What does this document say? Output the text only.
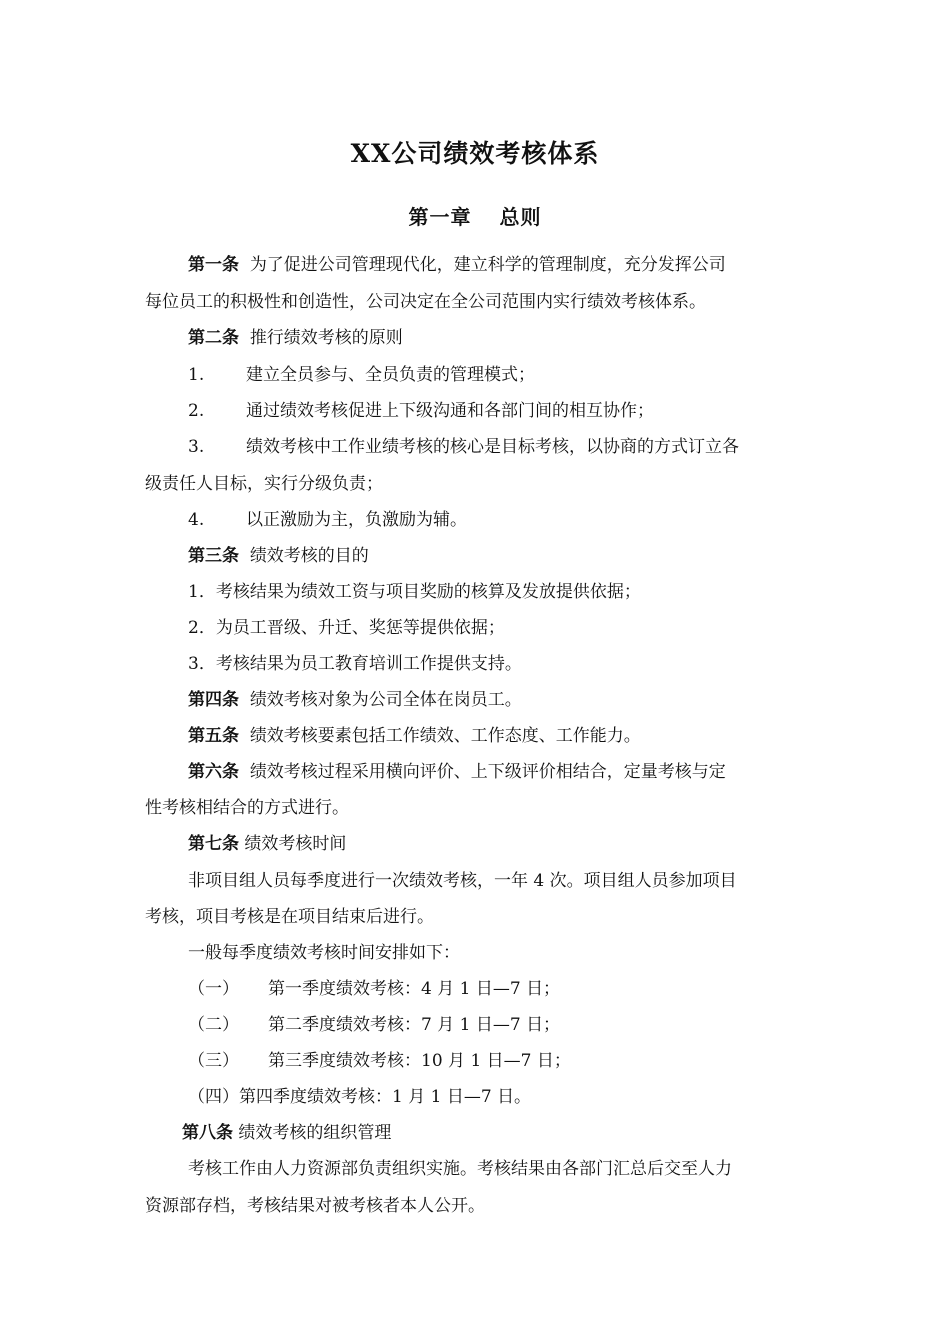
XX公司绩效考核体系
第一章 总则
第一条 为了促进公司管理现代化，建立科学的管理制度，充分发挥公司
每位员工的积极性和创造性，公司决定在全公司范围内实行绩效考核体系。
第二条 推行绩效考核的原则
1. 建立全员参与、全员负责的管理模式；
2. 通过绩效考核促进上下级沟通和各部门间的相互协作；
3. 绩效考核中工作业绩考核的核心是目标考核，以协商的方式订立各
级责任人目标，实行分级负责；
4. 以正激励为主，负激励为辅。
第三条 绩效考核的目的
1．考核结果为绩效工资与项目奖励的核算及发放提供依据；
2．为员工晋级、升迁、奖惩等提供依据；
3．考核结果为员工教育培训工作提供支持。
第四条 绩效考核对象为公司全体在岗员工。
第五条 绩效考核要素包括工作绩效、工作态度、工作能力。
第六条 绩效考核过程采用横向评价、上下级评价相结合，定量考核与定
性考核相结合的方式进行。
第七条 绩效考核时间
非项目组人员每季度进行一次绩效考核，一年 4 次。项目组人员参加项目
考核，项目考核是在项目结束后进行。
一般每季度绩效考核时间安排如下：
（一） 第一季度绩效考核：4 月 1 日—7 日；
（二） 第二季度绩效考核：7 月 1 日—7 日；
（三） 第三季度绩效考核：10 月 1 日—7 日；
（四）第四季度绩效考核：1 月 1 日—7 日。
第八条 绩效考核的组织管理
考核工作由人力资源部负责组织实施。考核结果由各部门汇总后交至人力
资源部存档，考核结果对被考核者本人公开。
